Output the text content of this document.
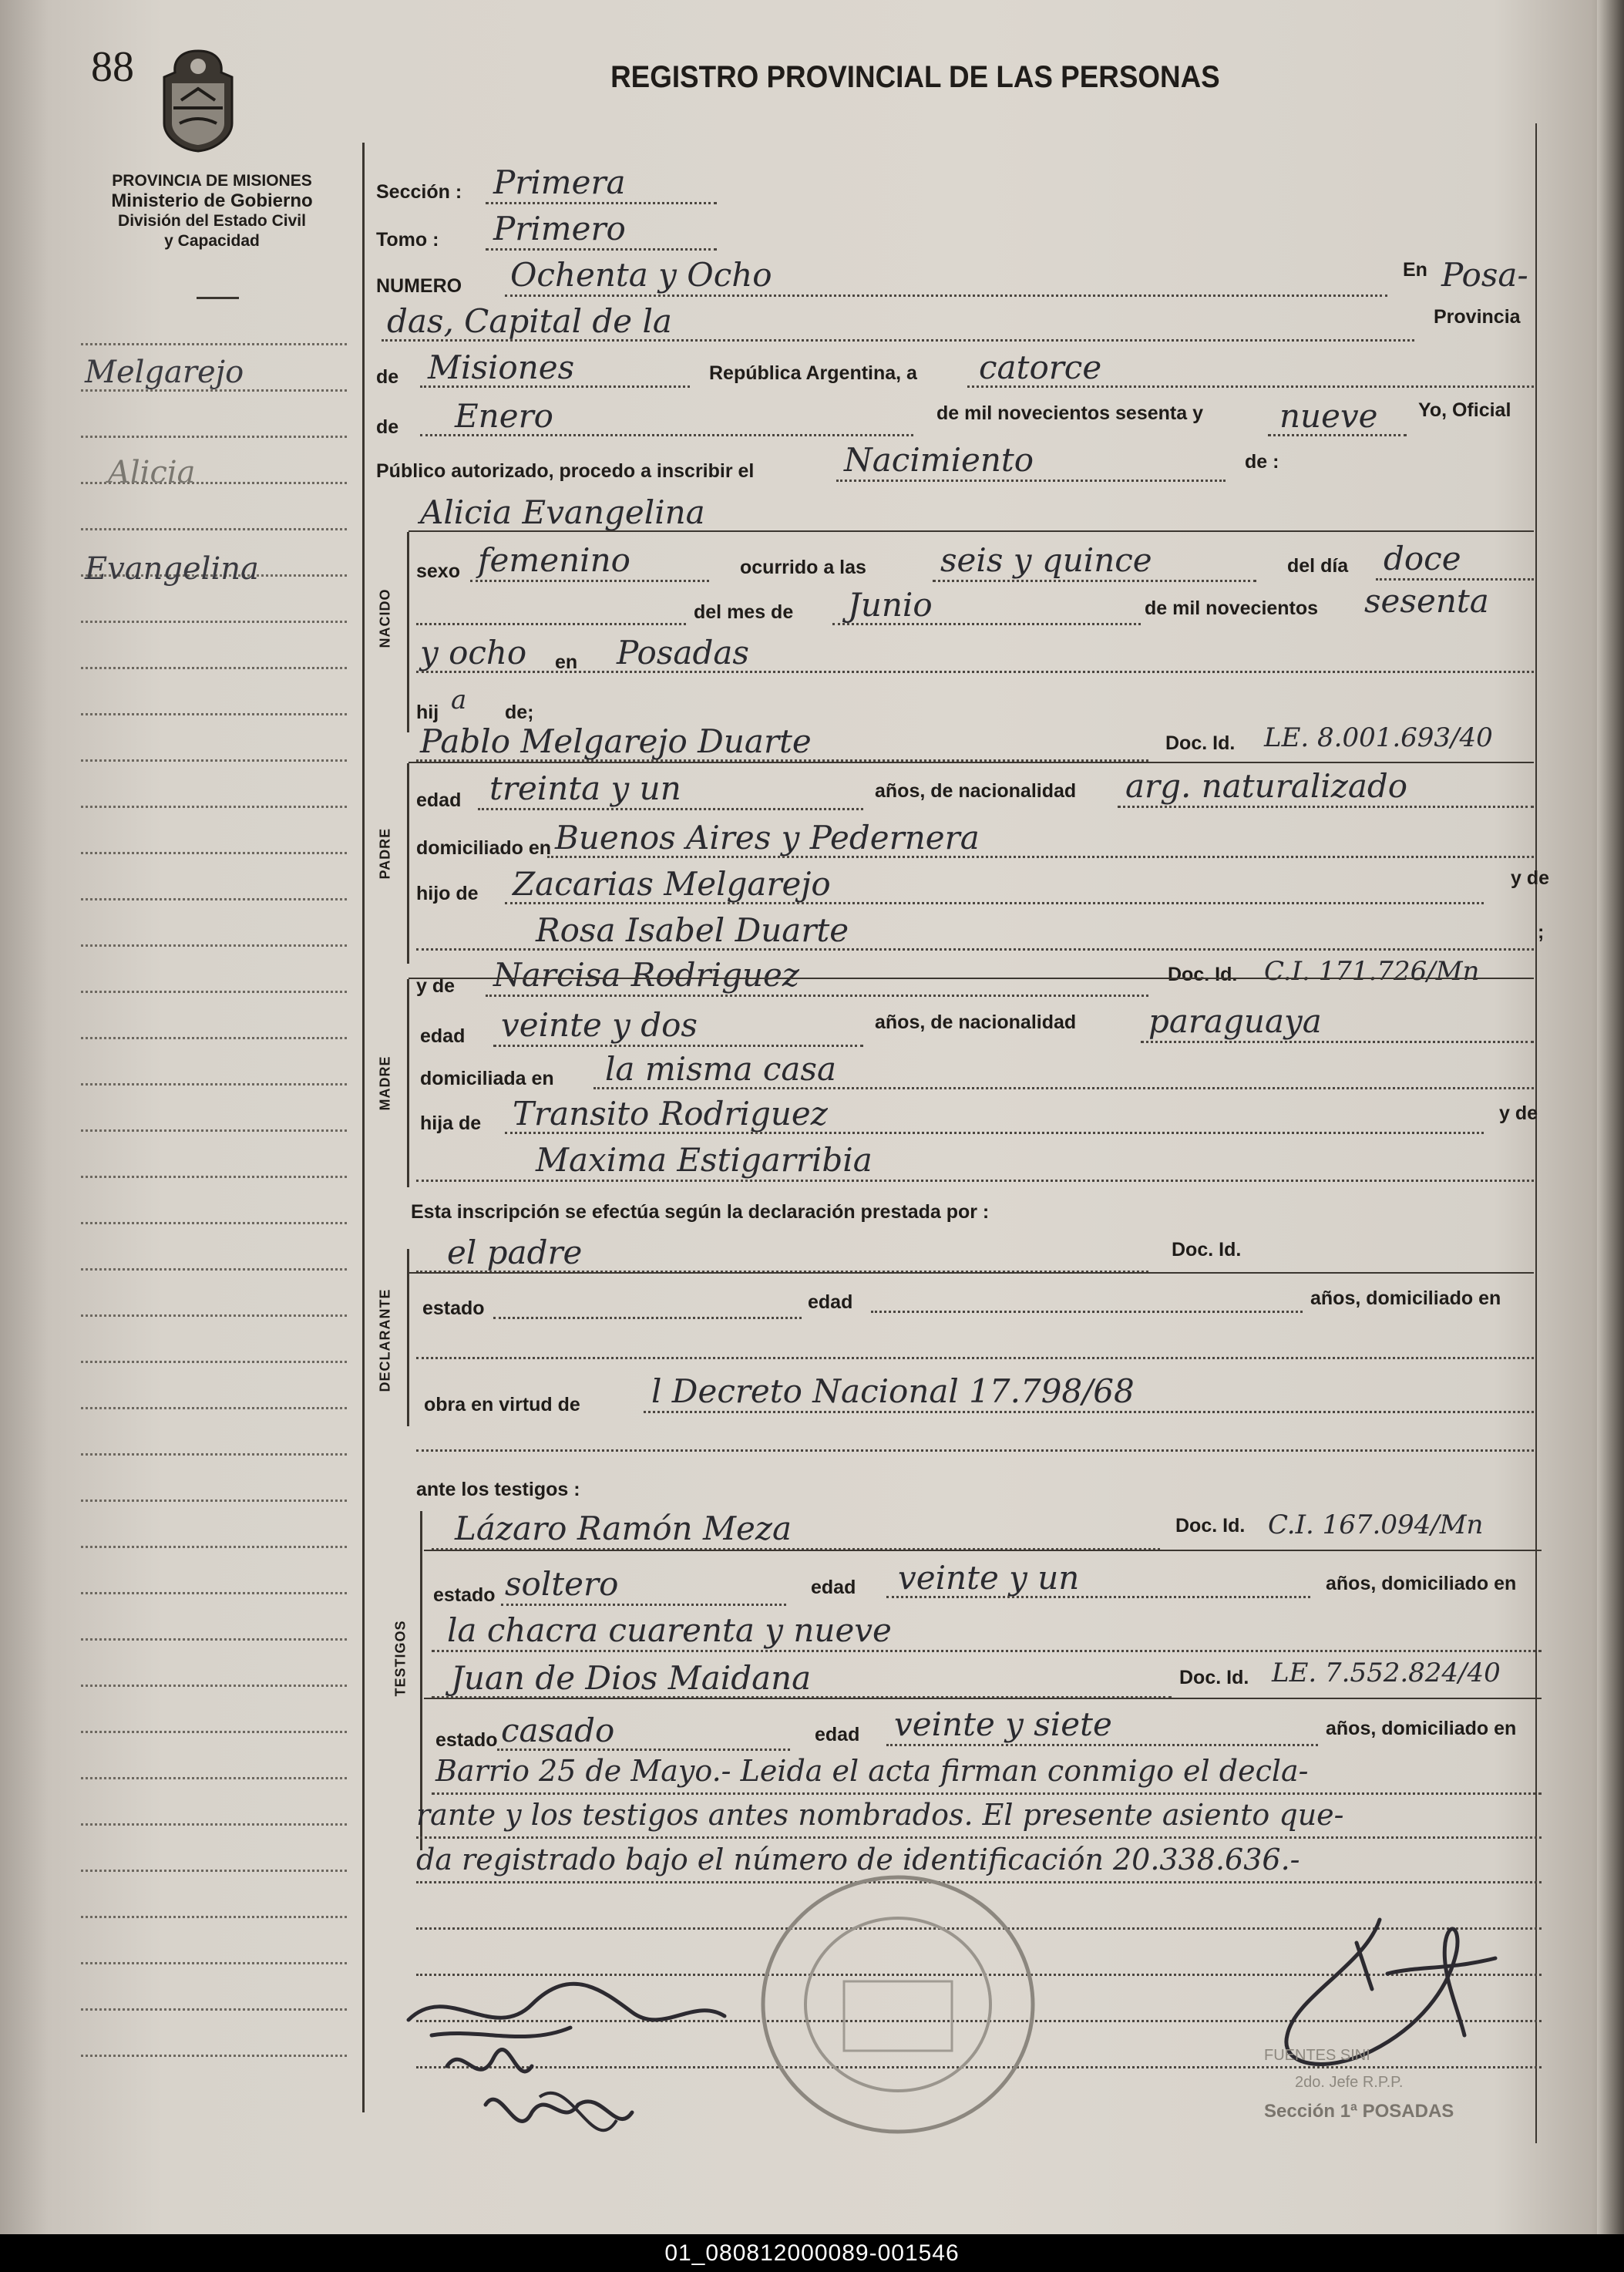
88	REGISTRO PROVINCIAL DE LAS PERSONAS
PROVINCIA DE MISIONES
Ministerio de Gobierno
División del Estado Civil
y Capacidad
Melgarejo
Alicia
Evangelina
Sección : Primera
Tomo : Primero
NUMERO Ochenta y Ocho	En Posa-
das, Capital de la	Provincia
de Misiones	República Argentina, a catorce
de Enero	de mil novecientos sesenta y nueve Yo, Oficial
Público autorizado, procedo a inscribir el	Nacimiento	de :
Alicia Evangelina
NACIDO
sexo femenino	ocurrido a las seis y quince	del día doce
del mes de Junio	de mil novecientos sesenta
y ocho en Posadas
hij a de;
Pablo Melgarejo Duarte	Doc. Id. LE. 8.001.693/40
PADRE
edad treinta y un	años, de nacionalidad arg. naturalizado
domiciliado en Buenos Aires y Pedernera
hijo de Zacarias Melgarejo	y de
Rosa Isabel Duarte	;
y de Narcisa Rodriguez	Doc. Id. C.I. 171.726/Mn
MADRE
edad veinte y dos	años, de nacionalidad paraguaya
domiciliada en la misma casa
hija de Transito Rodriguez	y de
Maxima Estigarribia
Esta inscripción se efectúa según la declaración prestada por :
el padre	Doc. Id.
DECLARANTE estado	edad	años, domiciliado en
obra en virtud de l Decreto Nacional 17.798/68
ante los testigos :
Lázaro Ramón Meza	Doc. Id. C.I. 167.094/Mn
TESTIGOS
estado soltero	edad veinte y un	años, domiciliado en
la chacra cuarenta y nueve
Juan de Dios Maidana	Doc. Id. LE. 7.552.824/40
estado casado	edad veinte y siete	años, domiciliado en
Barrio 25 de Mayo.- Leida el acta firman conmigo el decla-
rante y los testigos antes nombrados. El presente asiento que-
da registrado bajo el número de identificación 20.338.636.-
FUENTES SINI
2do. Jefe R.P.P.
Sección 1ª POSADAS
01_080812000089-001546
